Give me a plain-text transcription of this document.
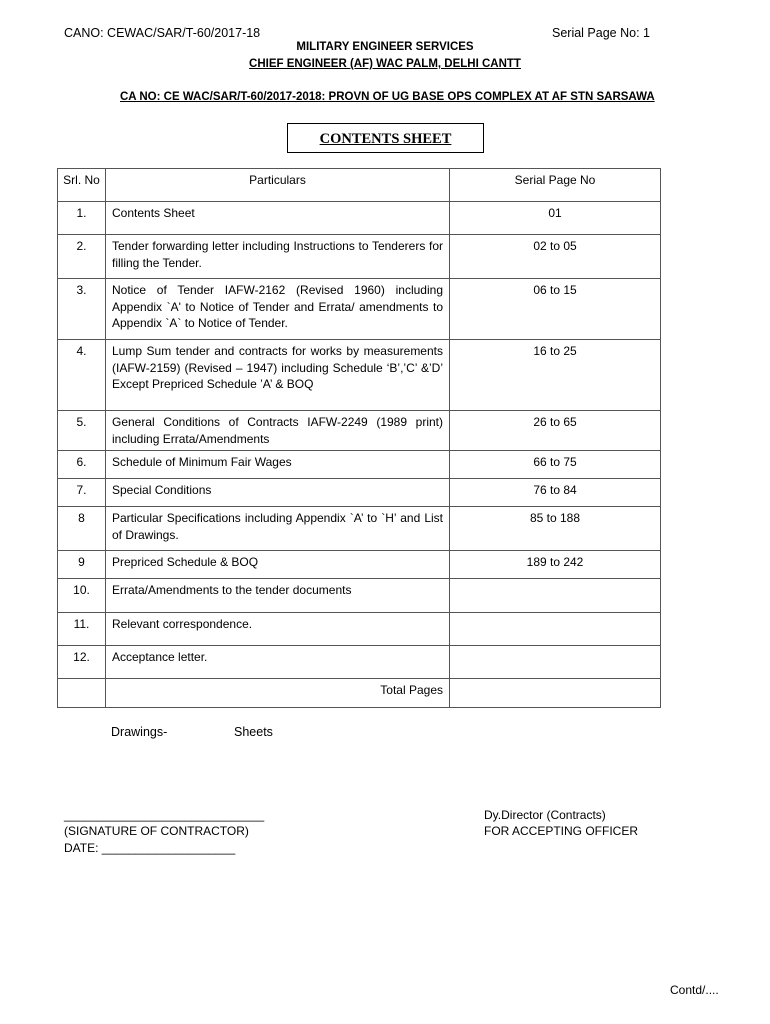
CANO: CEWAC/SAR/T-60/2017-18	Serial Page No: 1
MILITARY ENGINEER SERVICES
CHIEF ENGINEER (AF) WAC PALM, DELHI CANTT
CA NO: CE WAC/SAR/T-60/2017-2018: PROVN OF UG BASE OPS COMPLEX AT AF STN SARSAWA
CONTENTS SHEET
Srl. No	Particulars	Serial Page No
1.	Contents Sheet	01
2.	Tender forwarding letter including Instructions to Tenderers for filling the Tender.	02 to 05
3.	Notice of Tender IAFW-2162 (Revised 1960) including Appendix `A' to Notice of Tender and Errata/ amendments to Appendix `A` to Notice of Tender.	06 to 15
4.	Lump Sum tender and contracts for works by measurements (IAFW-2159) (Revised – 1947) including Schedule ‘B’,’C’ &’D’ Except Prepriced Schedule ’A’ & BOQ	16 to 25
5.	General Conditions of Contracts IAFW-2249 (1989 print) including Errata/Amendments	26 to 65
6.	Schedule of Minimum Fair Wages	66 to 75
7.	Special Conditions	76 to 84
8	Particular Specifications including Appendix `A’ to `H’ and List of Drawings.	85 to 188
9	Prepriced Schedule & BOQ	189 to 242
10.	Errata/Amendments to the tender documents	
11.	Relevant correspondence.	
12.	Acceptance letter.	
	Total Pages	
Drawings-	Sheets
______________________________
(SIGNATURE OF CONTRACTOR)
DATE: ____________________
Dy.Director (Contracts)
FOR ACCEPTING OFFICER
Contd/....
